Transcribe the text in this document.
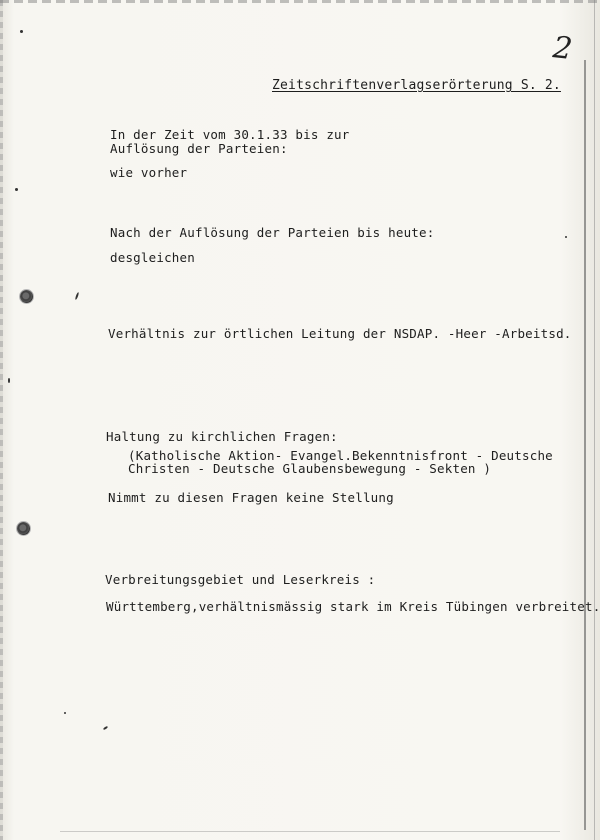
2
Zeitschriftenverlagserörterung S. 2.
In der Zeit vom 30.1.33 bis zur
Auflösung der Parteien:
wie vorher
Nach der Auflösung der Parteien bis heute:
desgleichen
Verhältnis zur örtlichen Leitung der NSDAP. -Heer -Arbeitsd.
Haltung zu kirchlichen Fragen:
(Katholische Aktion- Evangel.Bekenntnisfront - Deutsche
Christen - Deutsche Glaubensbewegung - Sekten )
Nimmt zu diesen Fragen keine Stellung
Verbreitungsgebiet und Leserkreis :
Württemberg,verhältnismässig stark im Kreis Tübingen verbreitet.
